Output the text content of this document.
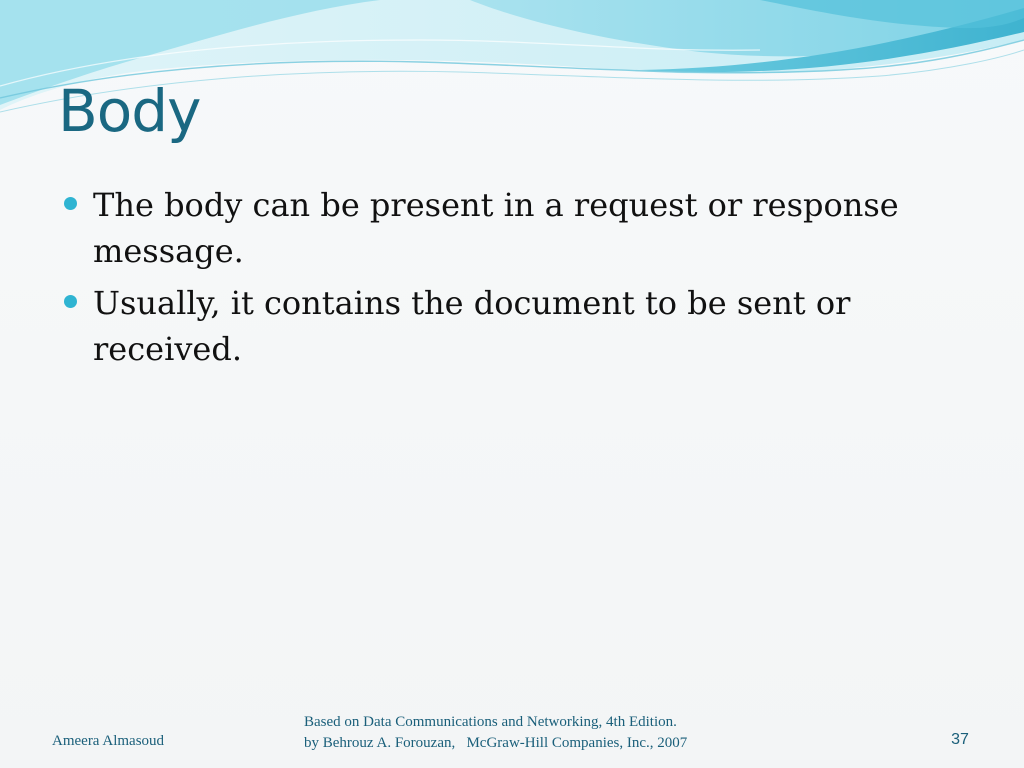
Body
The body can be present in a request or response message.
Usually, it contains the document to be sent or received.
Ameera Almasoud
Based on Data Communications and Networking, 4th Edition.
by Behrouz A. Forouzan,   McGraw-Hill Companies, Inc., 2007	37
